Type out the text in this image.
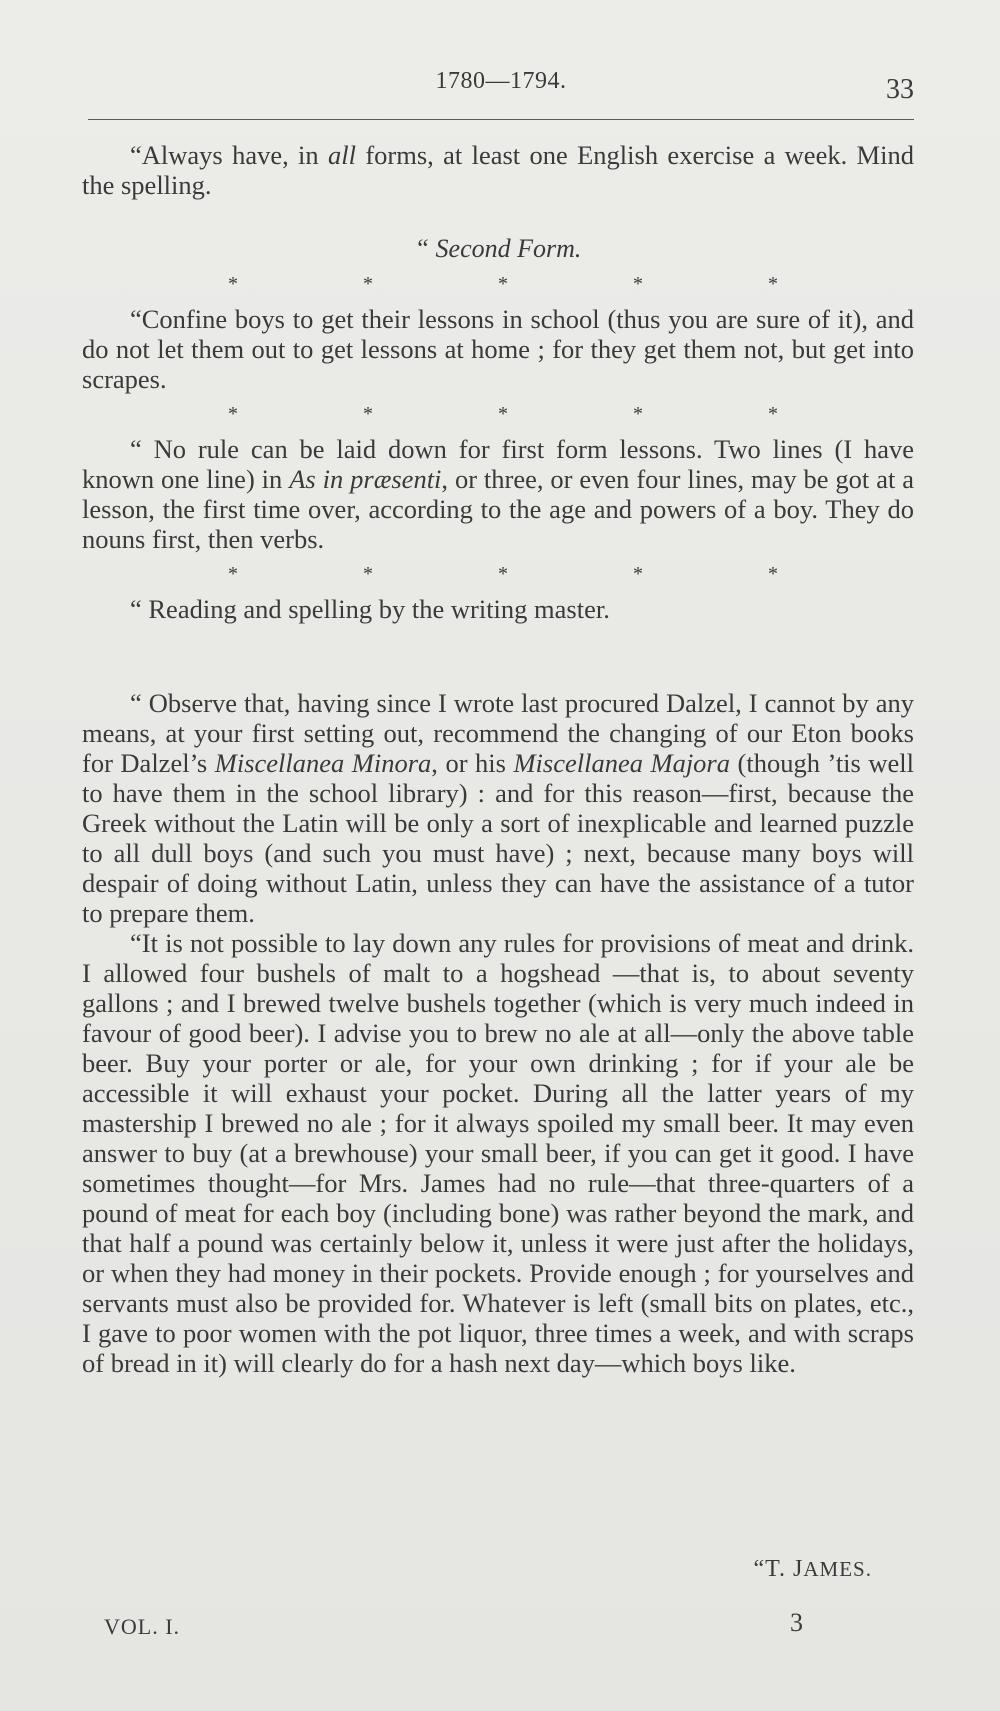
1780—1794.	33

“Always have, in all forms, at least one English exercise a week. Mind the spelling.

“ Second Form.

*	*	*	*	*

“Confine boys to get their lessons in school (thus you are sure of it), and do not let them out to get lessons at home ; for they get them not, but get into scrapes.

*	*	*	*	*

“ No rule can be laid down for first form lessons. Two lines (I have known one line) in As in præsenti, or three, or even four lines, may be got at a lesson, the first time over, according to the age and powers of a boy. They do nouns first, then verbs.

*	*	*	*	*

“ Reading and spelling by the writing master.

“ Observe that, having since I wrote last procured Dalzel, I cannot by any means, at your first setting out, recommend the changing of our Eton books for Dalzel’s Miscellanea Minora, or his Miscellanea Majora (though ’tis well to have them in the school library) : and for this reason—first, because the Greek without the Latin will be only a sort of inexplicable and learned puzzle to all dull boys (and such you must have) ; next, because many boys will despair of doing without Latin, unless they can have the assistance of a tutor to prepare them.

“It is not possible to lay down any rules for provisions of meat and drink. I allowed four bushels of malt to a hogshead —that is, to about seventy gallons ; and I brewed twelve bushels together (which is very much indeed in favour of good beer). I advise you to brew no ale at all—only the above table beer. Buy your porter or ale, for your own drinking ; for if your ale be accessible it will exhaust your pocket. During all the latter years of my mastership I brewed no ale ; for it always spoiled my small beer. It may even answer to buy (at a brewhouse) your small beer, if you can get it good. I have sometimes thought—for Mrs. James had no rule—that three-quarters of a pound of meat for each boy (including bone) was rather beyond the mark, and that half a pound was certainly below it, unless it were just after the holidays, or when they had money in their pockets. Provide enough ; for yourselves and servants must also be provided for. Whatever is left (small bits on plates, etc., I gave to poor women with the pot liquor, three times a week, and with scraps of bread in it) will clearly do for a hash next day—which boys like.

“T. JAMES.
VOL. I.	3
